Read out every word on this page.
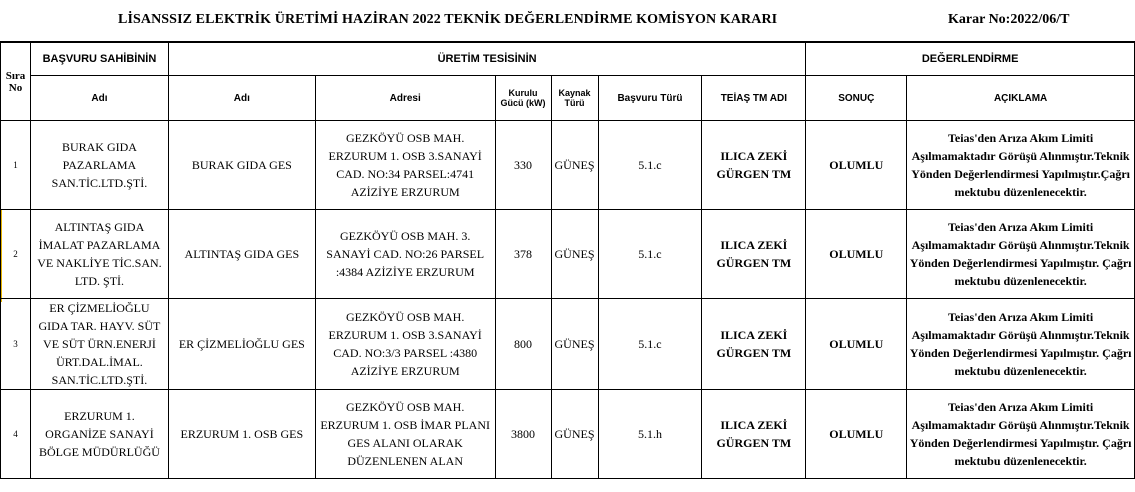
LİSANSSIZ ELEKTRİK ÜRETİMİ HAZİRAN 2022 TEKNİK DEĞERLENDİRME KOMİSYON KARARI	Karar No:2022/06/T
Sıra No	BAŞVURU SAHİBİNİN	ÜRETİM TESİSİNİN						DEĞERLENDİRME	
	Adı	Adı	Adresi	Kurulu Gücü (kW)	Kaynak Türü	Başvuru Türü	TEİAŞ TM ADI	SONUÇ	AÇIKLAMA
1	BURAK GIDA PAZARLAMA SAN.TİC.LTD.ŞTİ.	BURAK GIDA GES	GEZKÖYÜ OSB MAH. ERZURUM 1. OSB 3.SANAYİ CAD. NO:34 PARSEL:4741 AZİZİYE ERZURUM	330	GÜNEŞ	5.1.c	ILICA ZEKİ GÜRGEN TM	OLUMLU	Teias'den Arıza Akım Limiti Aşılmamaktadır Görüşü Alınmıştır.Teknik Yönden Değerlendirmesi Yapılmıştır.Çağrı mektubu düzenlenecektir.
2	ALTINTAŞ GIDA İMALAT PAZARLAMA VE NAKLİYE TİC.SAN. LTD. ŞTİ.	ALTINTAŞ GIDA GES	GEZKÖYÜ OSB MAH. 3. SANAYİ CAD. NO:26 PARSEL :4384 AZİZİYE ERZURUM	378	GÜNEŞ	5.1.c	ILICA ZEKİ GÜRGEN TM	OLUMLU	Teias'den Arıza Akım Limiti Aşılmamaktadır Görüşü Alınmıştır.Teknik Yönden Değerlendirmesi Yapılmıştır. Çağrı mektubu düzenlenecektir.
3	ER ÇİZMELİOĞLU GIDA TAR. HAYV. SÜT VE SÜT ÜRN.ENERJİ ÜRT.DAL.İMAL. SAN.TİC.LTD.ŞTİ.	ER ÇİZMELİOĞLU GES	GEZKÖYÜ OSB MAH. ERZURUM 1. OSB 3.SANAYİ CAD. NO:3/3 PARSEL :4380 AZİZİYE ERZURUM	800	GÜNEŞ	5.1.c	ILICA ZEKİ GÜRGEN TM	OLUMLU	Teias'den Arıza Akım Limiti Aşılmamaktadır Görüşü Alınmıştır.Teknik Yönden Değerlendirmesi Yapılmıştır. Çağrı mektubu düzenlenecektir.
4	ERZURUM 1. ORGANİZE SANAYİ BÖLGE MÜDÜRLÜĞÜ	ERZURUM 1. OSB GES	GEZKÖYÜ OSB MAH. ERZURUM 1. OSB İMAR PLANI GES ALANI OLARAK DÜZENLENEN ALAN	3800	GÜNEŞ	5.1.h	ILICA ZEKİ GÜRGEN TM	OLUMLU	Teias'den Arıza Akım Limiti Aşılmamaktadır Görüşü Alınmıştır.Teknik Yönden Değerlendirmesi Yapılmıştır. Çağrı mektubu düzenlenecektir.
